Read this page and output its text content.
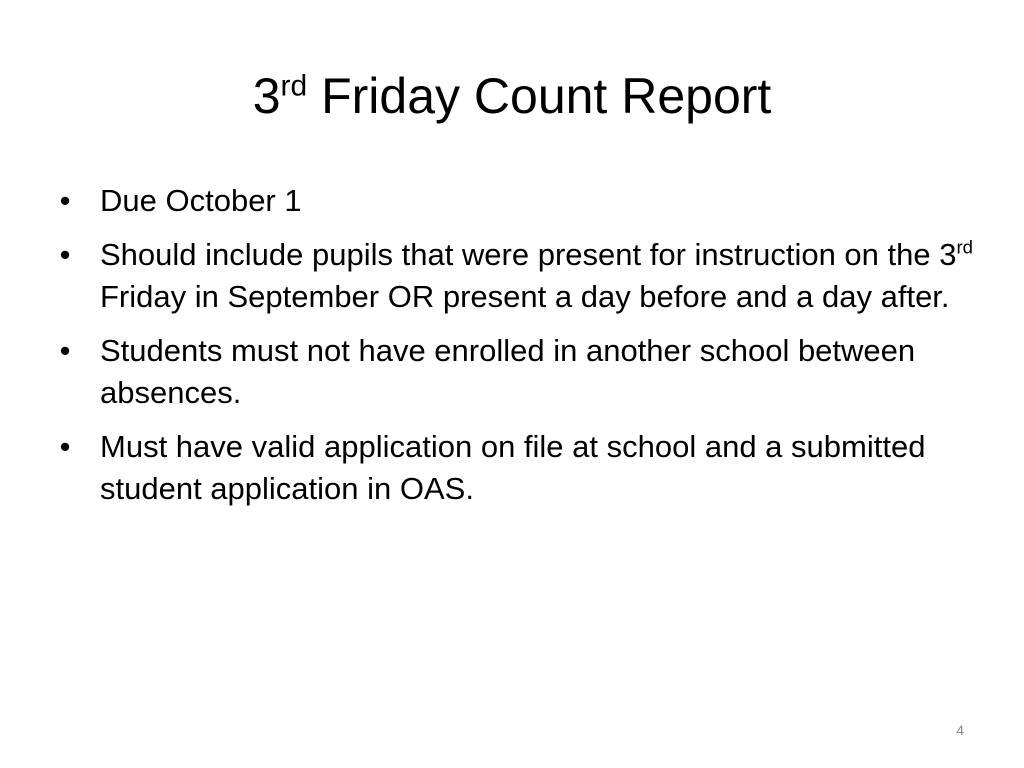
3rd Friday Count Report
• Due October 1
• Should include pupils that were present for instruction on the 3rd Friday in September OR present a day before and a day after.
• Students must not have enrolled in another school between absences.
• Must have valid application on file at school and a submitted student application in OAS.
4
